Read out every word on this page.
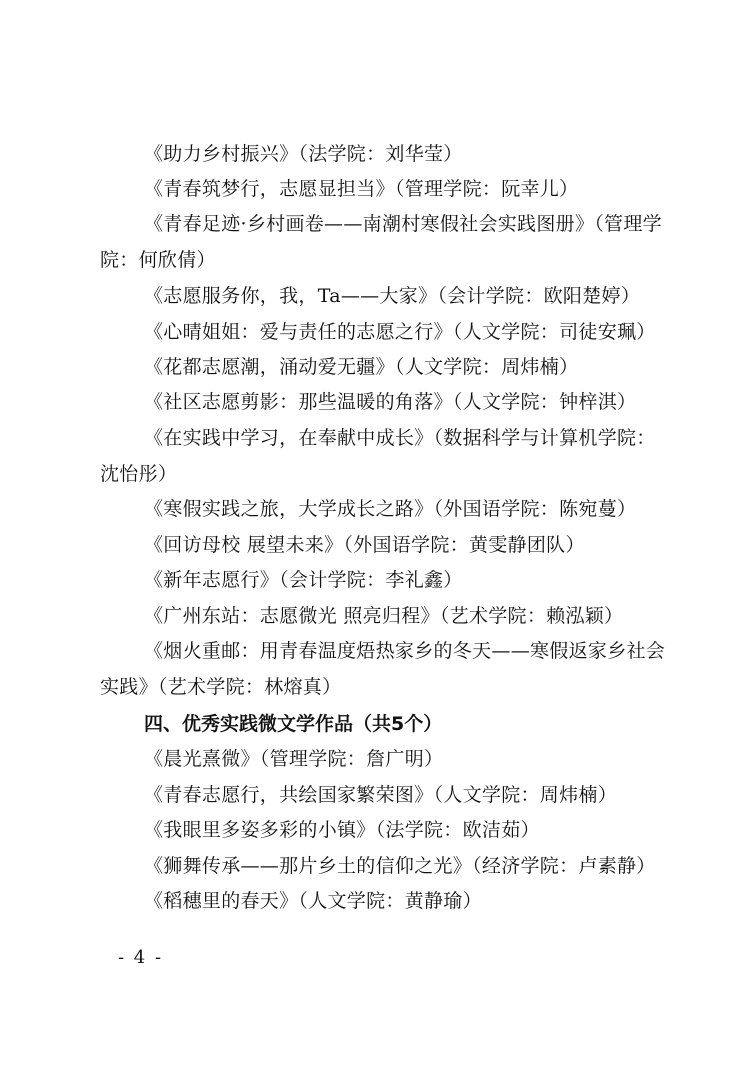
《助力乡村振兴》（法学院：刘华莹）

《青春筑梦行，志愿显担当》（管理学院：阮幸儿）

《青春足迹·乡村画卷——南潮村寒假社会实践图册》（管理学院：何欣倩）

《志愿服务你，我，Ta——大家》（会计学院：欧阳楚婷）

《心晴姐姐：爱与责任的志愿之行》（人文学院：司徒安珮）

《花都志愿潮，涌动爱无疆》（人文学院：周炜楠）

《社区志愿剪影：那些温暖的角落》（人文学院：钟梓淇）

《在实践中学习，在奉献中成长》（数据科学与计算机学院：沈怡彤）

《寒假实践之旅，大学成长之路》（外国语学院：陈宛蔓）

《回访母校 展望未来》（外国语学院：黄雯静团队）

《新年志愿行》（会计学院：李礼鑫）

《广州东站：志愿微光 照亮归程》（艺术学院：赖泓颖）

《烟火重邮：用青春温度焐热家乡的冬天——寒假返家乡社会实践》（艺术学院：林熔真）

四、优秀实践微文学作品（共5个）

《晨光熹微》（管理学院：詹广明）

《青春志愿行，共绘国家繁荣图》（人文学院：周炜楠）

《我眼里多姿多彩的小镇》（法学院：欧洁茹）

《狮舞传承——那片乡土的信仰之光》（经济学院：卢素静）

《稻穗里的春天》（人文学院：黄静瑜）

- 4 -
